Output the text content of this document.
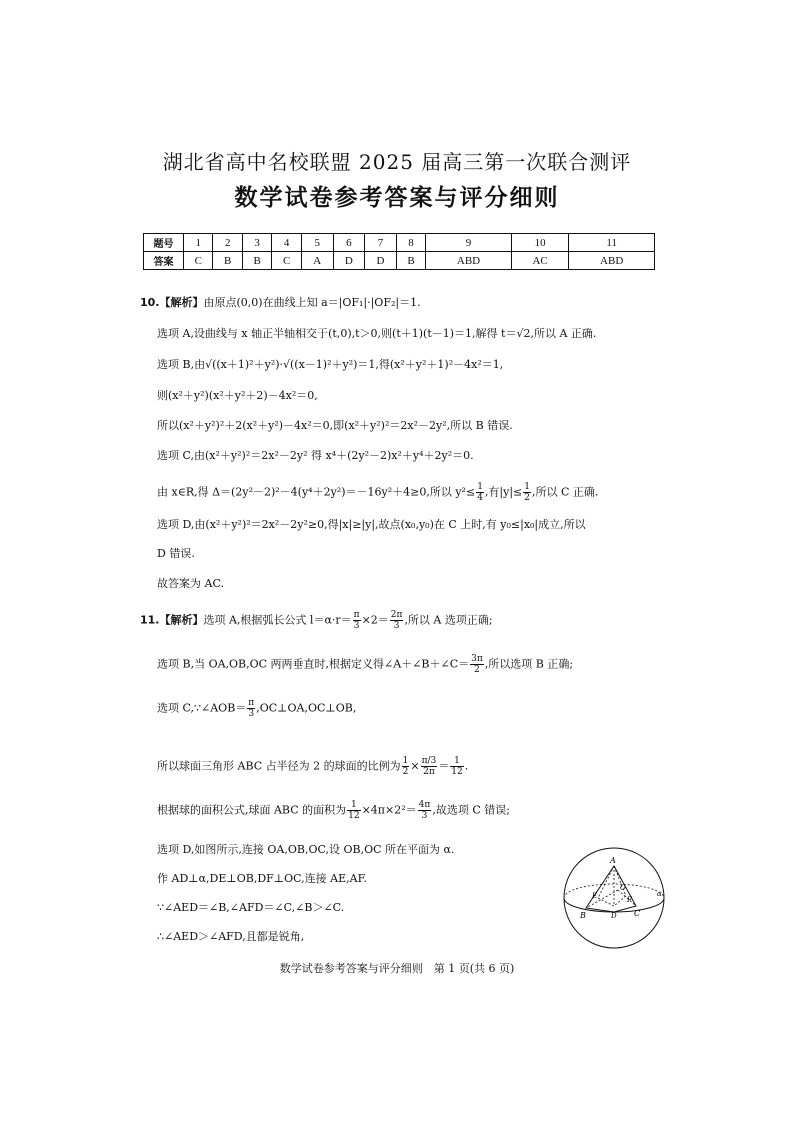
湖北省高中名校联盟 2025 届高三第一次联合测评
数学试卷参考答案与评分细则
题号	1	2	3	4	5	6	7	8	9	10	11
答案	C	B	B	C	A	D	D	B	ABD	AC	ABD
10.【解析】由原点(0,0)在曲线上知 a＝|OF₁|·|OF₂|＝1.
选项 A,设曲线与 x 轴正半轴相交于(t,0),t＞0,则(t＋1)(t－1)＝1,解得 t＝√2,所以 A 正确.
选项 B,由√((x＋1)²＋y²)·√((x－1)²＋y²)＝1,得(x²＋y²＋1)²－4x²＝1,
则(x²＋y²)(x²＋y²＋2)－4x²＝0,
所以(x²＋y²)²＋2(x²＋y²)－4x²＝0,即(x²＋y²)²＝2x²－2y²,所以 B 错误.
选项 C,由(x²＋y²)²＝2x²－2y² 得 x⁴＋(2y²－2)x²＋y⁴＋2y²＝0.
由 x∈R,得 Δ＝(2y²－2)²－4(y⁴＋2y²)＝－16y²＋4≥0,所以 $y^2\le \frac{1}{4}$ ,有$|y|\le \frac{1}{2}$ ,所以 C 正确.
选项 D,由(x²＋y²)²＝2x²－2y²≥0,得|x|≥|y|,故点(x₀,y₀)在 C 上时,有 y₀≤|x₀|成立,所以
D 错误.
故答案为 AC.
11.【解析】选项 A,根据弧长公式 $l=\alpha\cdot r= \frac{\pi}{3} \times 2= \frac{2\pi}{3}$ ,所以 A 选项正确;
选项 B,当 OA,OB,OC 两两垂直时,根据定义得∠A＋∠B＋∠C＝ $\frac{3\pi}{2}$ ,所以选项 B 正确;
选项 C,∵∠AOB＝ $\frac{\pi}{3}$ ,OC⊥OA,OC⊥OB,
所以球面三角形 ABC 占半径为 2 的球面的比例为 $\frac{1}{2} \times \frac{\pi/3}{2\pi} = \frac{1}{12}$ .
根据球的面积公式,球面 ABC 的面积为 $\frac{1}{12} \times 4\pi\times 2^2= \frac{4\pi}{3}$ ,故选项 C 错误;
选项 D,如图所示,连接 OA,OB,OC,设 OB,OC 所在平面为 α.
作 AD⊥α,DE⊥OB,DF⊥OC,连接 AE,AF.
∵∠AED＝∠B,∠AFD＝∠C,∠B＞∠C.
∴∠AED＞∠AFD,且都是锐角,
A
O
E	F
D
B	C
α
数学试卷参考答案与评分细则　第 1 页(共 6 页)
